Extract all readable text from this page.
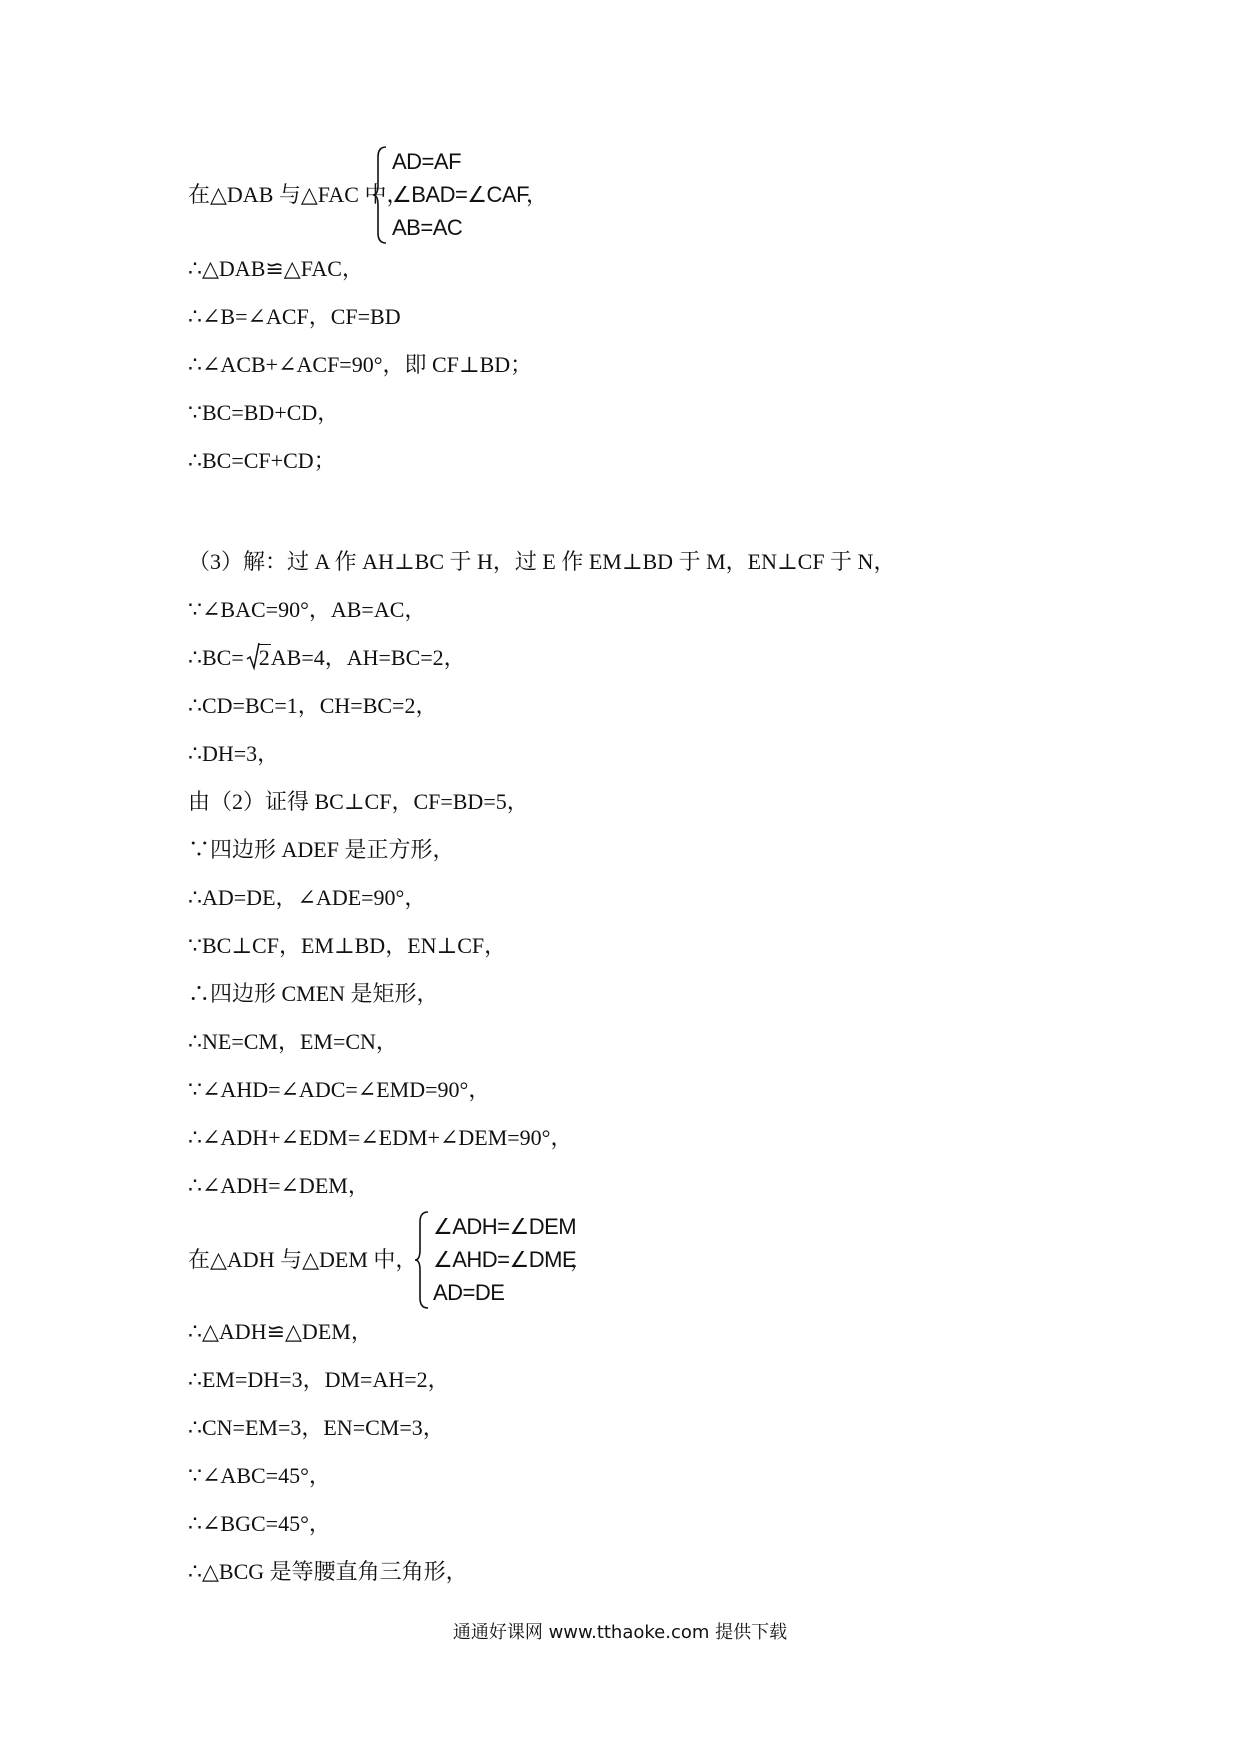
在△DAB 与△FAC 中，
AD=AF
∠BAD=∠CAF
AB=AC
，
∴△DAB≌△FAC，
∴∠B=∠ACF，CF=BD
∴∠ACB+∠ACF=90°，即 CF⊥BD；
∵BC=BD+CD，
∴BC=CF+CD；
（3）解：过 A 作 AH⊥BC 于 H，过 E 作 EM⊥BD 于 M，EN⊥CF 于 N，
∵∠BAC=90°，AB=AC，
∴BC= 2AB=4，AH=BC=2，
∴CD=BC=1，CH=BC=2，
∴DH=3，
由（2）证得 BC⊥CF，CF=BD=5，
∵四边形 ADEF 是正方形，
∴AD=DE，∠ADE=90°，
∵BC⊥CF，EM⊥BD，EN⊥CF，
∴四边形 CMEN 是矩形，
∴NE=CM，EM=CN，
∵∠AHD=∠ADC=∠EMD=90°，
∴∠ADH+∠EDM=∠EDM+∠DEM=90°，
∴∠ADH=∠DEM，
在△ADH 与△DEM 中，
∠ADH=∠DEM
∠AHD=∠DME
AD=DE
，
∴△ADH≌△DEM，
∴EM=DH=3，DM=AH=2，
∴CN=EM=3，EN=CM=3，
∵∠ABC=45°，
∴∠BGC=45°，
∴△BCG 是等腰直角三角形，
通通好课网 www.tthaoke.com 提供下载
